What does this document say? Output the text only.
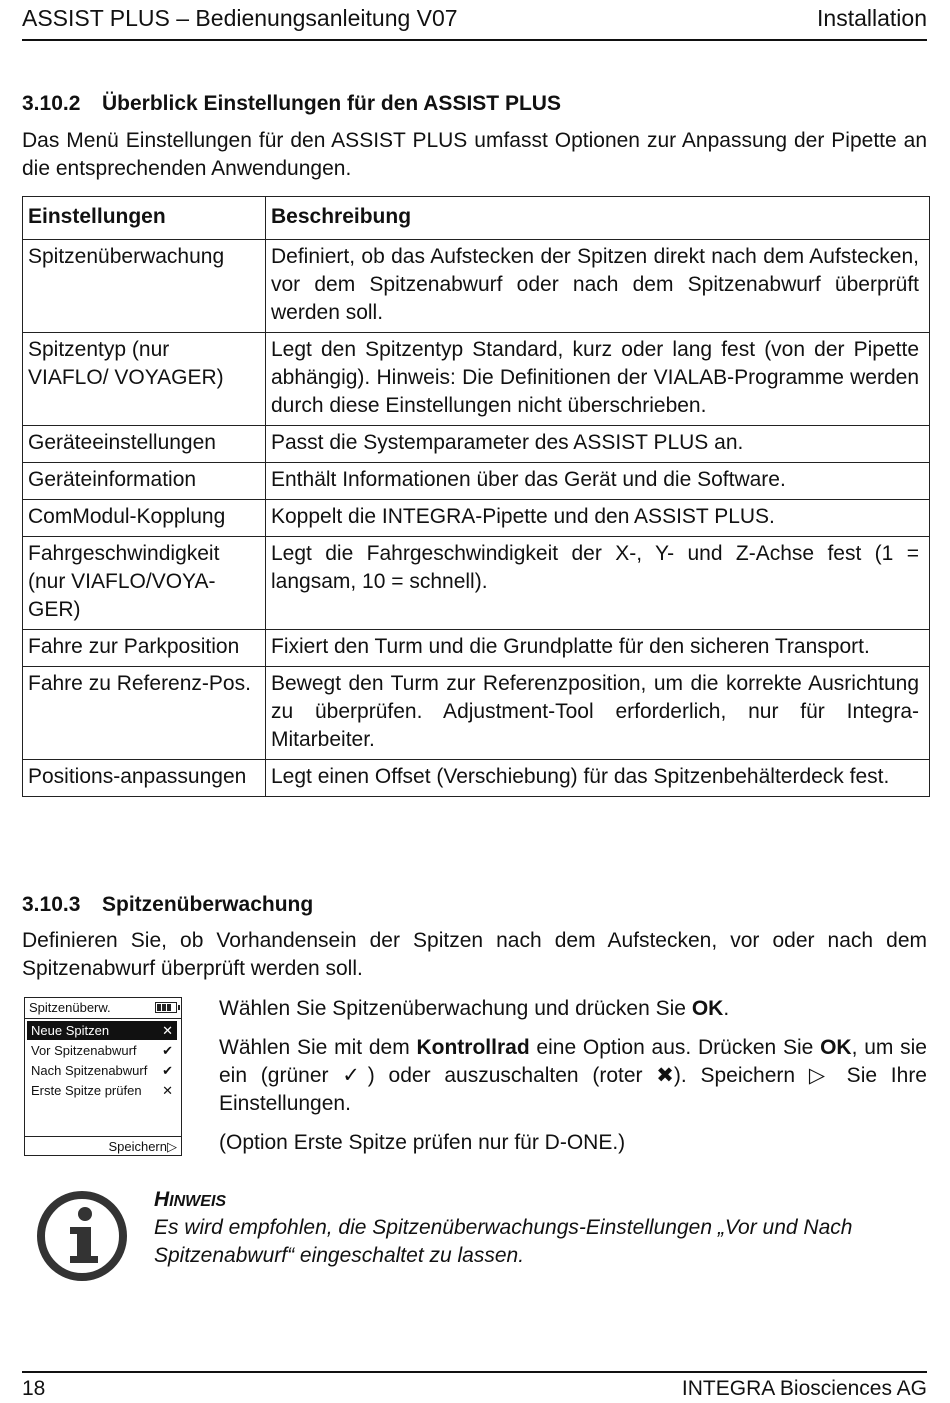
ASSIST PLUS – Bedienungsanleitung V07	Installation
3.10.2 Überblick Einstellungen für den ASSIST PLUS
Das Menü Einstellungen für den ASSIST PLUS umfasst Optionen zur Anpassung der Pipette an die entsprechenden Anwendungen.
Einstellungen	Beschreibung
Spitzenüberwachung	Definiert, ob das Aufstecken der Spitzen direkt nach dem Aufstecken, vor dem Spitzenabwurf oder nach dem Spitzenabwurf überprüft werden soll.
Spitzentyp (nur VIAFLO/ VOYAGER)	Legt den Spitzentyp Standard, kurz oder lang fest (von der Pipette abhängig). Hinweis: Die Definitionen der VIALAB-Programme werden durch diese Einstellungen nicht überschrieben.
Geräteeinstellungen	Passt die Systemparameter des ASSIST PLUS an.
Geräteinformation	Enthält Informationen über das Gerät und die Software.
ComModul-Kopplung	Koppelt die INTEGRA-Pipette und den ASSIST PLUS.
Fahrgeschwindigkeit (nur VIAFLO/VOYA-GER)	Legt die Fahrgeschwindigkeit der X-, Y- und Z-Achse fest (1 = langsam, 10 = schnell).
Fahre zur Parkposition	Fixiert den Turm und die Grundplatte für den sicheren Transport.
Fahre zu Referenz-Pos.	Bewegt den Turm zur Referenzposition, um die korrekte Ausrichtung zu überprüfen. Adjustment-Tool erforderlich, nur für Integra-Mitarbeiter.
Positions-anpassungen	Legt einen Offset (Verschiebung) für das Spitzenbehälterdeck fest.
3.10.3 Spitzenüberwachung
Definieren Sie, ob Vorhandensein der Spitzen nach dem Aufstecken, vor oder nach dem Spitzenabwurf überprüft werden soll.
Spitzenüberw.
Neue Spitzen	✕
Vor Spitzenabwurf ✔
Nach Spitzenabwurf ✔
Erste Spitze prüfen ✕
Speichern▷

Wählen Sie Spitzenüberwachung und drücken Sie OK.

Wählen Sie mit dem Kontrollrad eine Option aus. Drücken Sie OK, um sie ein (grüner ✓) oder auszuschalten (roter ✖). Speichern ▷ Sie Ihre Einstellungen.

(Option Erste Spitze prüfen nur für D-ONE.)

HINWEIS
Es wird empfohlen, die Spitzenüberwachungs-Einstellungen „Vor und Nach Spitzenabwurf“ eingeschaltet zu lassen.
18	INTEGRA Biosciences AG
